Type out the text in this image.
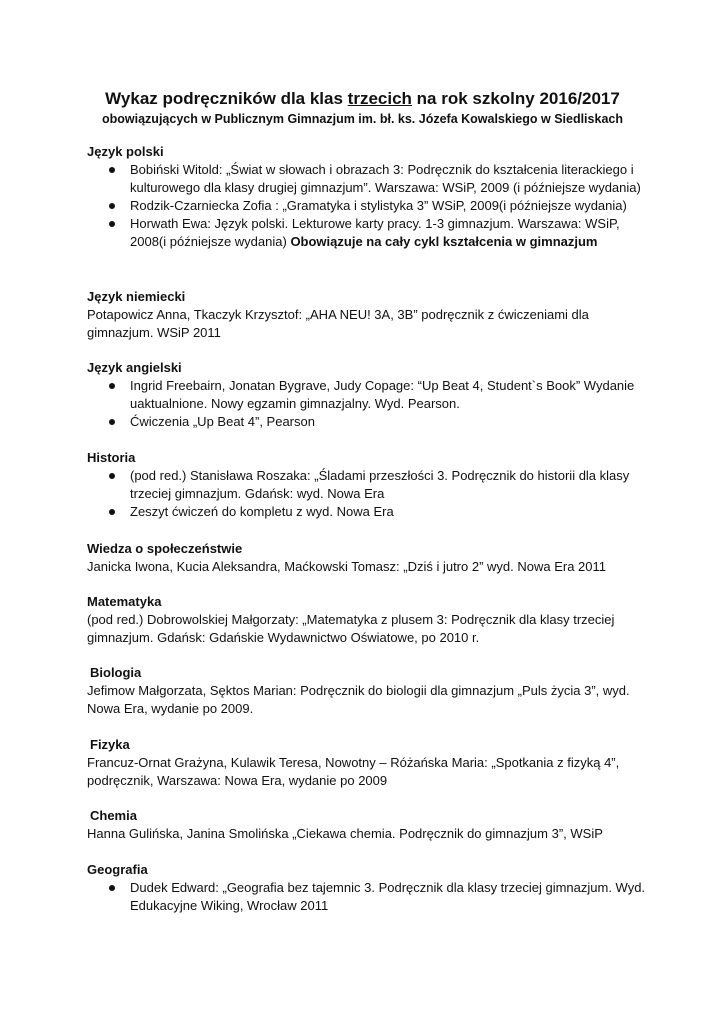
Wykaz podręczników dla klas trzecich na rok szkolny 2016/2017
obowiązujących w Publicznym Gimnazjum im. bł. ks. Józefa Kowalskiego w Siedliskach
Język polski
Bobiński Witold: „Świat w słowach i obrazach 3: Podręcznik do kształcenia literackiego i kulturowego dla klasy drugiej gimnazjum”. Warszawa: WSiP, 2009 (i późniejsze wydania)
Rodzik-Czarniecka Zofia : „Gramatyka i stylistyka 3” WSiP, 2009(i późniejsze wydania)
Horwath Ewa: Język polski. Lekturowe karty pracy. 1-3 gimnazjum. Warszawa: WSiP, 2008(i późniejsze wydania) Obowiązuje na cały cykl kształcenia w gimnazjum
Język niemiecki
Potapowicz Anna, Tkaczyk Krzysztof: „AHA NEU! 3A, 3B” podręcznik z ćwiczeniami dla gimnazjum. WSiP 2011
Język angielski
Ingrid Freebairn, Jonatan Bygrave, Judy Copage: “Up Beat 4, Student`s Book” Wydanie uaktualnione. Nowy egzamin gimnazjalny. Wyd. Pearson.
Ćwiczenia „Up Beat 4”, Pearson
Historia
(pod red.) Stanisława Roszaka: „Śladami przeszłości 3. Podręcznik do historii dla klasy trzeciej gimnazjum. Gdańsk: wyd. Nowa Era
Zeszyt ćwiczeń do kompletu z wyd. Nowa Era
Wiedza o społeczeństwie
Janicka Iwona, Kucia Aleksandra, Maćkowski Tomasz: „Dziś i jutro 2” wyd. Nowa Era 2011
Matematyka
(pod red.) Dobrowolskiej Małgorzaty: „Matematyka z plusem 3: Podręcznik dla klasy trzeciej gimnazjum. Gdańsk: Gdańskie Wydawnictwo Oświatowe, po 2010 r.
Biologia
Jefimow Małgorzata, Sęktos Marian: Podręcznik do biologii dla gimnazjum „Puls życia 3”, wyd. Nowa Era, wydanie po 2009.
Fizyka
Francuz-Ornat Grażyna, Kulawik Teresa, Nowotny – Różańska Maria: „Spotkania z fizyką 4”, podręcznik, Warszawa: Nowa Era, wydanie po 2009
Chemia
Hanna Gulińska, Janina Smolińska „Ciekawa chemia. Podręcznik do gimnazjum 3”, WSiP
Geografia
Dudek Edward: „Geografia bez tajemnic 3. Podręcznik dla klasy trzeciej gimnazjum. Wyd. Edukacyjne Wiking, Wrocław 2011
